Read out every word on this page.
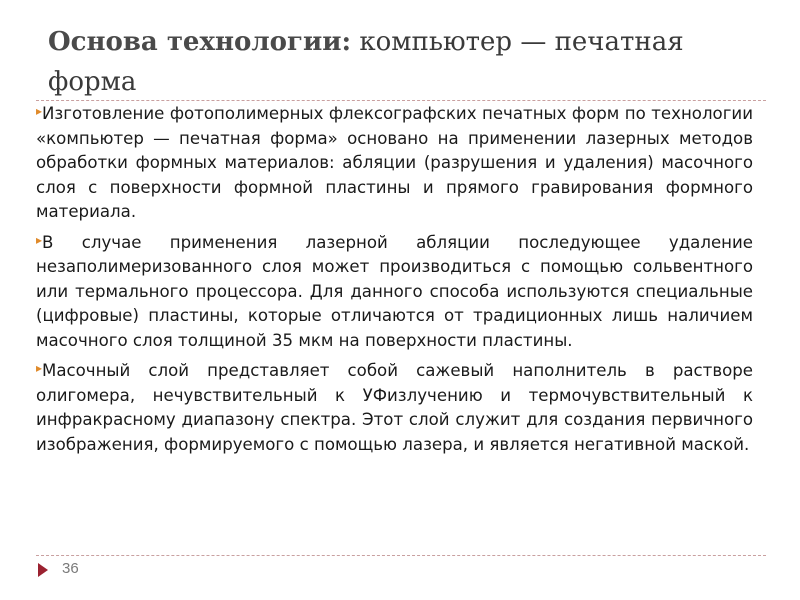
Основа технологии: компьютер — печатная форма

▸Изготовление фотополимерных флексографских печатных форм по технологии «компьютер — печатная форма» основано на применении лазерных методов обработки формных материалов: абляции (разрушения и удаления) масочного слоя с поверхности формной пластины и прямого гравирования формного материала.

▸В случае применения лазерной абляции последующее удаление незаполимеризованного слоя может производиться с помощью сольвентного или термального процессора. Для данного способа используются специальные (цифровые) пластины, которые отличаются от традиционных лишь наличием масочного слоя толщиной 35 мкм на поверхности пластины.

▸Масочный слой представляет собой сажевый наполнитель в растворе олигомера, нечувствительный к УФизлучению и термочувствительный к инфракрасному диапазону спектра. Этот слой служит для создания первичного изображения, формируемого с помощью лазера, и является негативной маской.

36
